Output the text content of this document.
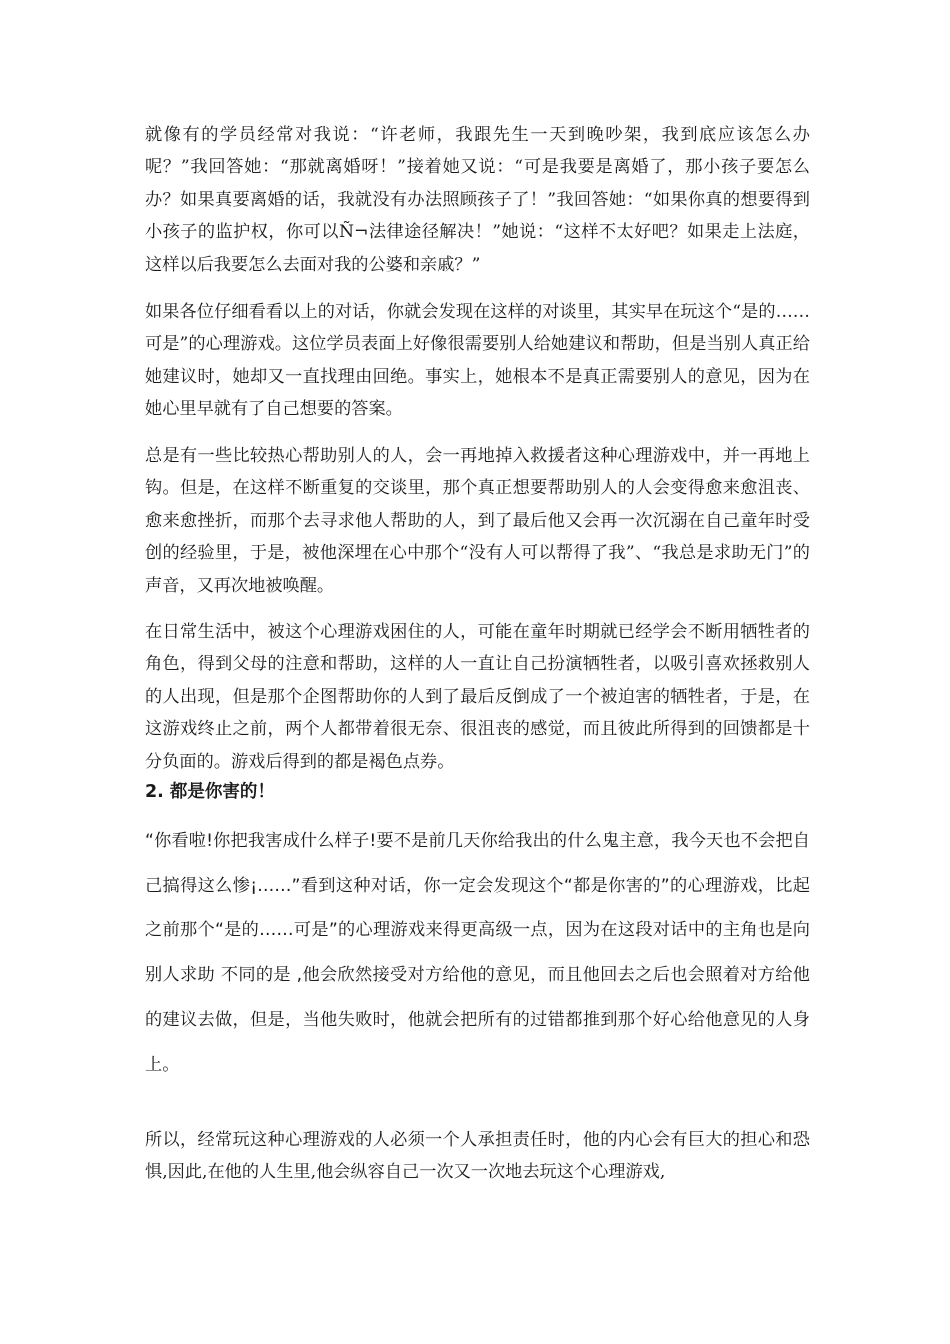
就像有的学员经常对我说：“许老师，我跟先生一天到晚吵架，我到底应该怎么办呢？”我回答她：“那就离婚呀！”接着她又说：“可是我要是离婚了，那小孩子要怎么办？如果真要离婚的话，我就没有办法照顾孩子了！”我回答她：“如果你真的想要得到小孩子的监护权，你可以Ñ¬法律途径解决！”她说：“这样不太好吧？如果走上法庭，这样以后我要怎么去面对我的公婆和亲戚？”

如果各位仔细看看以上的对话，你就会发现在这样的对谈里，其实早在玩这个“是的……可是”的心理游戏。这位学员表面上好像很需要别人给她建议和帮助，但是当别人真正给她建议时，她却又一直找理由回绝。事实上，她根本不是真正需要别人的意见，因为在她心里早就有了自己想要的答案。

总是有一些比较热心帮助别人的人，会一再地掉入救援者这种心理游戏中，并一再地上钩。但是，在这样不断重复的交谈里，那个真正想要帮助别人的人会变得愈来愈沮丧、愈来愈挫折，而那个去寻求他人帮助的人，到了最后他又会再一次沉溺在自己童年时受创的经验里，于是，被他深埋在心中那个“没有人可以帮得了我”、“我总是求助无门”的声音，又再次地被唤醒。

在日常生活中，被这个心理游戏困住的人，可能在童年时期就已经学会不断用牺牲者的角色，得到父母的注意和帮助，这样的人一直让自己扮演牺牲者，以吸引喜欢拯救别人的人出现，但是那个企图帮助你的人到了最后反倒成了一个被迫害的牺牲者，于是，在这游戏终止之前，两个人都带着很无奈、很沮丧的感觉，而且彼此所得到的回馈都是十分负面的。游戏后得到的都是褐色点券。

2. 都是你害的！

“你看啦!你把我害成什么样子!要不是前几天你给我出的什么鬼主意，我今天也不会把自己搞得这么惨¡……”看到这种对话，你一定会发现这个“都是你害的”的心理游戏，比起之前那个“是的……可是”的心理游戏来得更高级一点，因为在这段对话中的主角也是向别人求助 不同的是 ,他会欣然接受对方给他的意见，而且他回去之后也会照着对方给他的建议去做，但是，当他失败时，他就会把所有的过错都推到那个好心给他意见的人身上。

所以，经常玩这种心理游戏的人必须一个人承担责任时，他的内心会有巨大的担心和恐惧,因此,在他的人生里,他会纵容自己一次又一次地去玩这个心理游戏,
